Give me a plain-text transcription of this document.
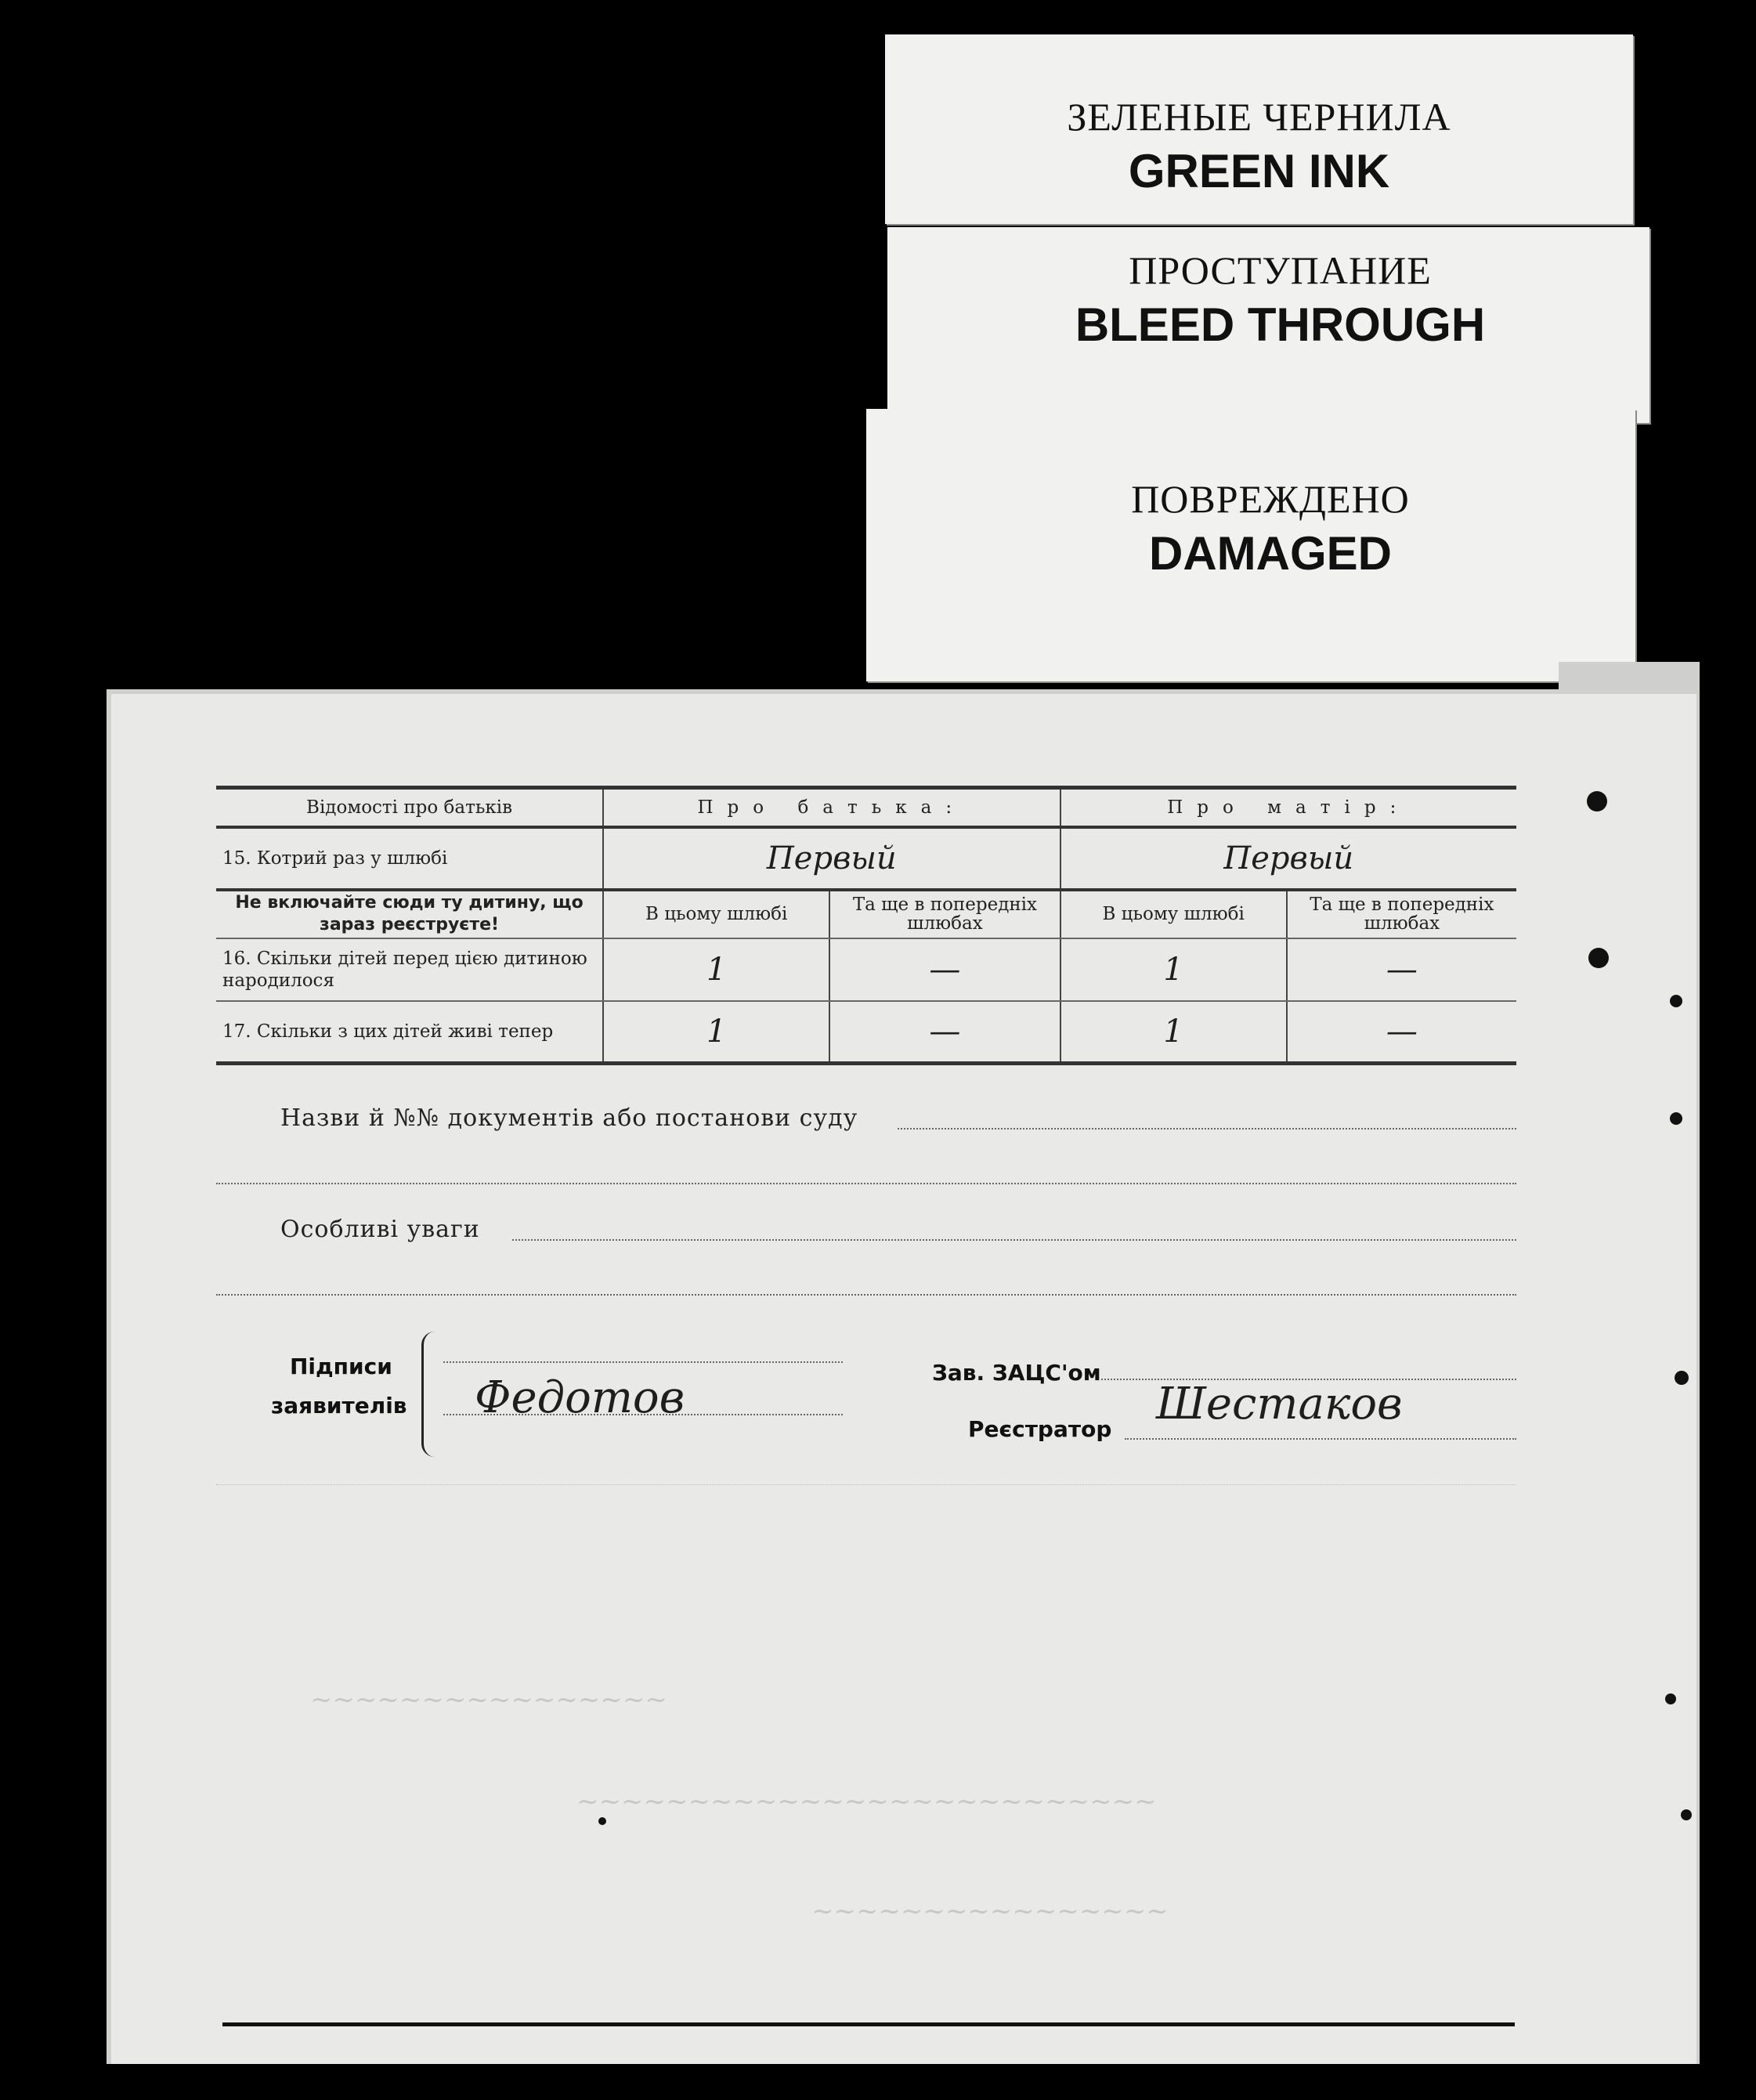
ЗЕЛЕНЫЕ ЧЕРНИЛА
GREEN INK
ПРОСТУПАНИЕ
BLEED THROUGH
ПОВРЕЖДЕНО
DAMAGED
~~~~~~~~~~~~~~~~
~~~~~~~~~~~~~~~~~~~~~~~~~~
~~~~~~~~~~~~~~~~
Відомості про батьків	Про батька:		Про матір:	
15. Котрий раз у шлюбі	Первый		Первый	
Не включайте сюди ту дитину, що зараз реєструєте!	В цьому шлюбі	Та ще в попередніх шлюбах	В цьому шлюбі	Та ще в попередніх шлюбах
16. Скільки дітей перед цією дитиною народилося	1	—	1	—
17. Скільки з цих дітей живі тепер	1	—	1	—
Назви й №№ документів або постанови суду
Особливі уваги
Підписи
заявителів Федотов	Зав. ЗАЦС'ом
Реєстратор Шестаков
